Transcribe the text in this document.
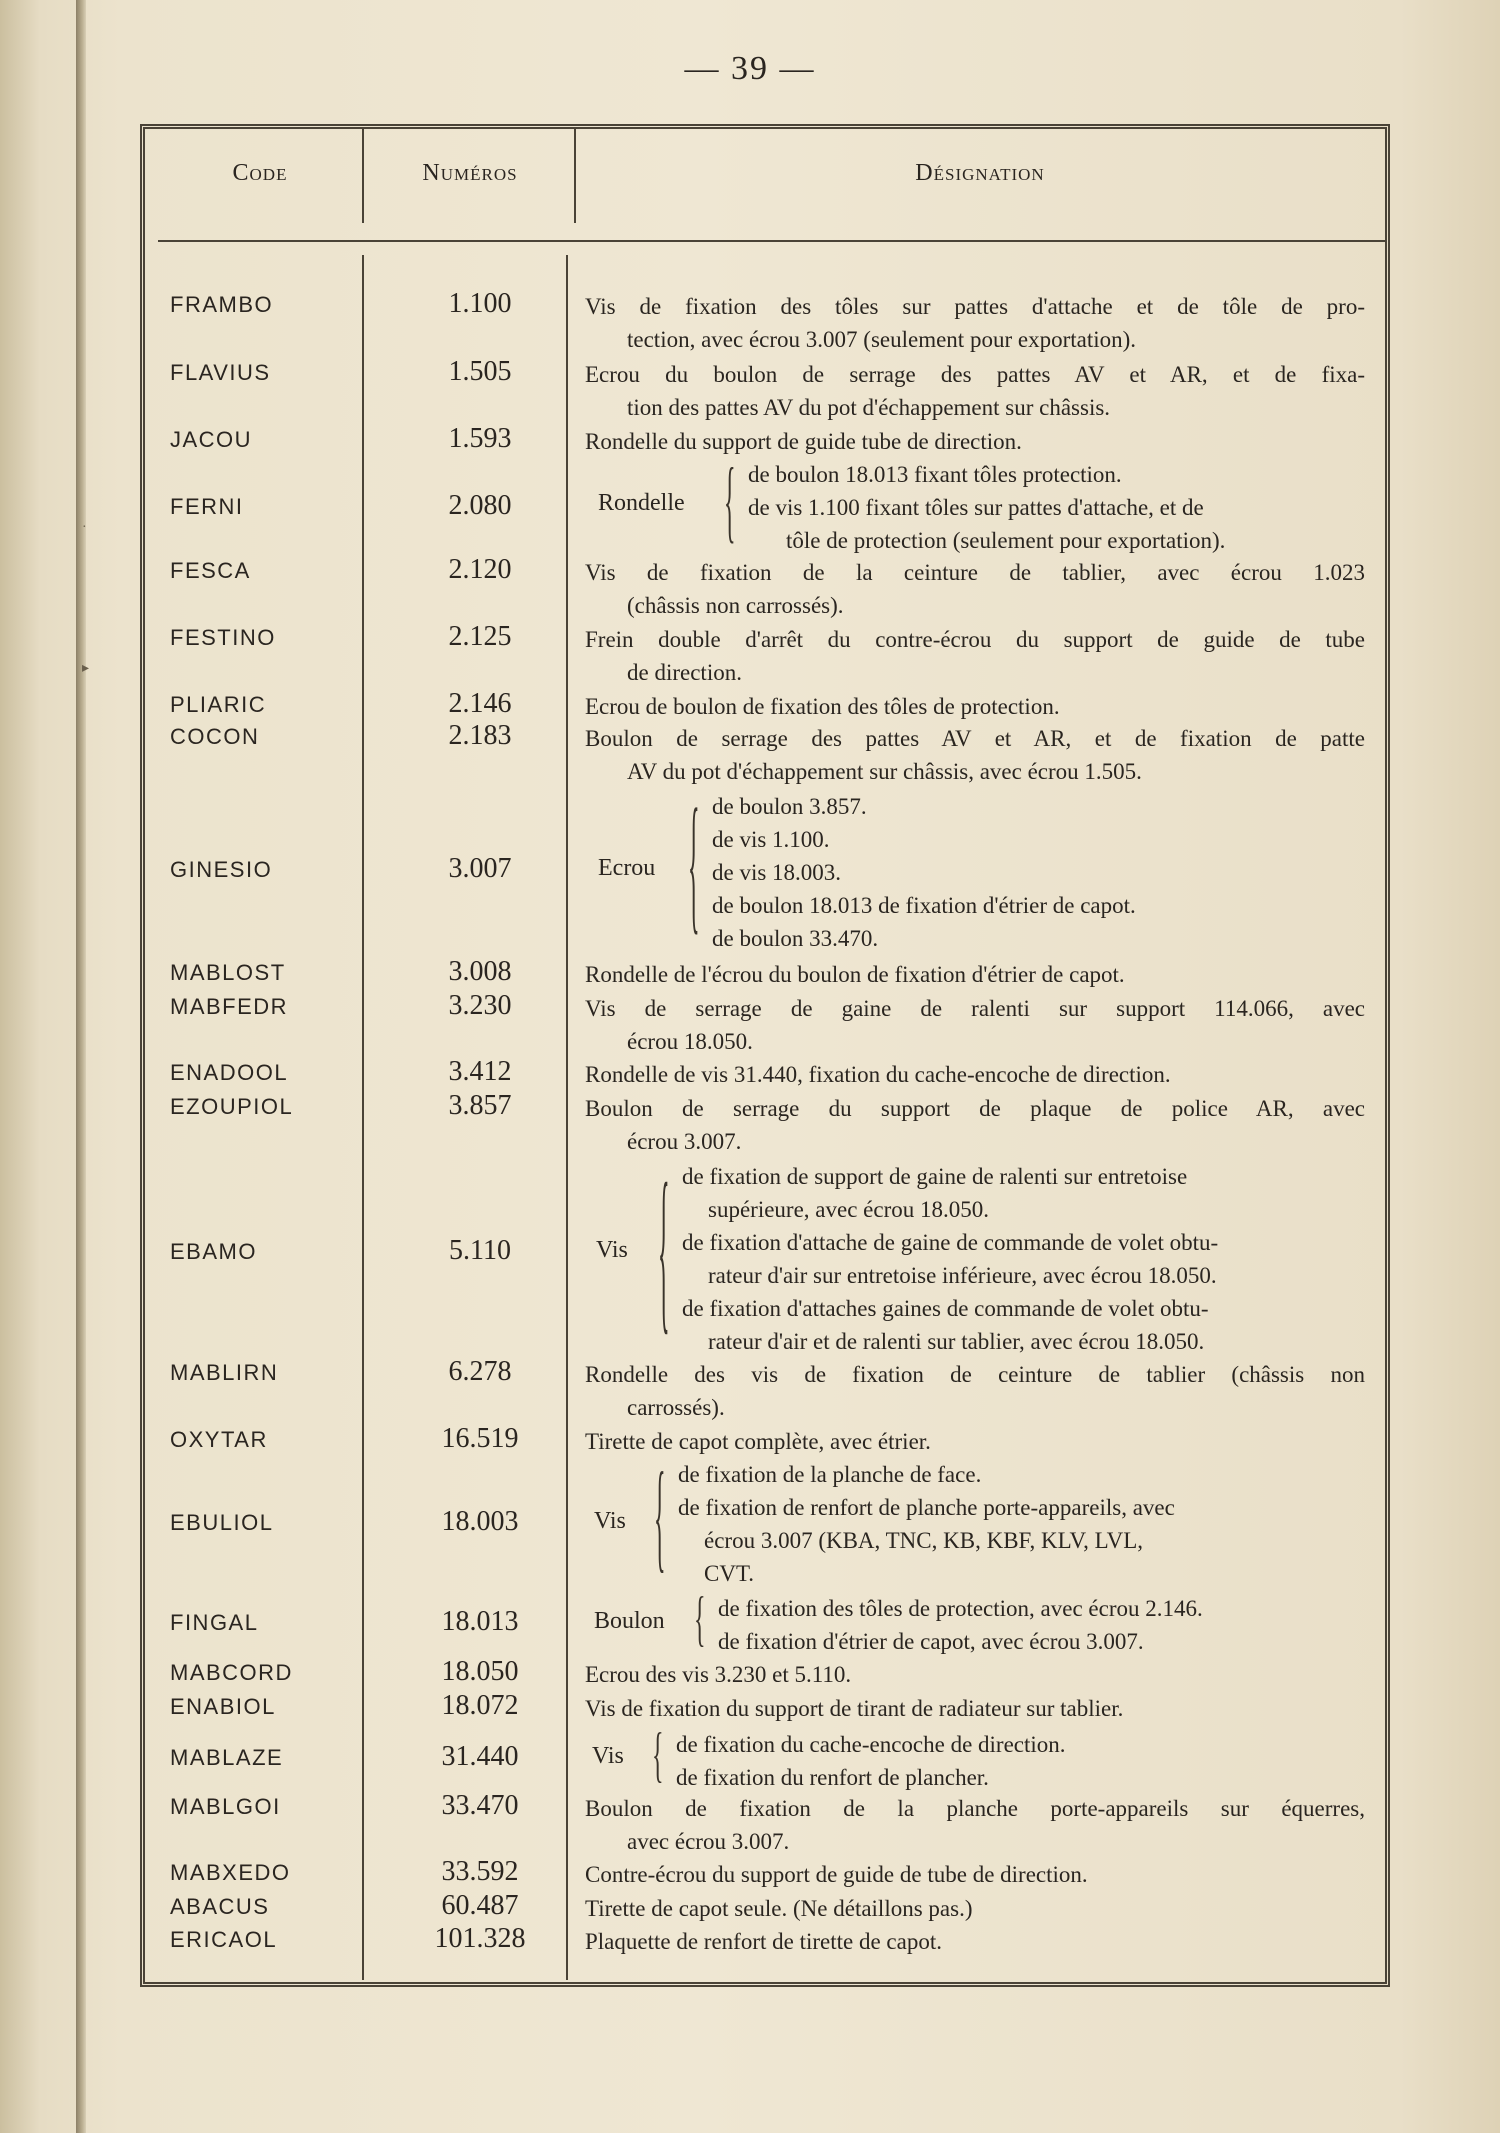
·
▸
— 39 —
Code	Numéros	Désignation
FRAMBO	1.100	Vis de fixation des tôles sur pattes d'attache et de tôle de pro-
tection, avec écrou 3.007 (seulement pour exportation).
FLAVIUS	1.505	Ecrou du boulon de serrage des pattes AV et AR, et de fixa-
tion des pattes AV du pot d'échappement sur châssis.
JACOU	1.593	Rondelle du support de guide tube de direction.
FERNI	2.080	Rondelle { de boulon 18.013 fixant tôles protection.
de vis 1.100 fixant tôles sur pattes d'attache, et de
tôle de protection (seulement pour exportation).
FESCA	2.120	Vis de fixation de la ceinture de tablier, avec écrou 1.023
(châssis non carrossés).
FESTINO	2.125	Frein double d'arrêt du contre-écrou du support de guide de tube
de direction.
PLIARIC	2.146	Ecrou de boulon de fixation des tôles de protection.
COCON	2.183	Boulon de serrage des pattes AV et AR, et de fixation de patte
AV du pot d'échappement sur châssis, avec écrou 1.505.
GINESIO	3.007	Ecrou { de boulon 3.857.
de vis 1.100.
de vis 18.003.
de boulon 18.013 de fixation d'étrier de capot.
de boulon 33.470.
MABLOST	3.008	Rondelle de l'écrou du boulon de fixation d'étrier de capot.
MABFEDR	3.230	Vis de serrage de gaine de ralenti sur support 114.066, avec
écrou 18.050.
ENADOOL	3.412	Rondelle de vis 31.440, fixation du cache-encoche de direction.
EZOUPIOL	3.857	Boulon de serrage du support de plaque de police AR, avec
écrou 3.007.
EBAMO	5.110	Vis { de fixation de support de gaine de ralenti sur entretoise
supérieure, avec écrou 18.050.
de fixation d'attache de gaine de commande de volet obtu-
rateur d'air sur entretoise inférieure, avec écrou 18.050.
de fixation d'attaches gaines de commande de volet obtu-
rateur d'air et de ralenti sur tablier, avec écrou 18.050.
MABLIRN	6.278	Rondelle des vis de fixation de ceinture de tablier (châssis non
carrossés).
OXYTAR	16.519	Tirette de capot complète, avec étrier.
EBULIOL	18.003	Vis { de fixation de la planche de face.
de fixation de renfort de planche porte-appareils, avec
écrou 3.007 (KBA, TNC, KB, KBF, KLV, LVL,
CVT.
FINGAL	18.013	Boulon { de fixation des tôles de protection, avec écrou 2.146.
de fixation d'étrier de capot, avec écrou 3.007.
MABCORD	18.050	Ecrou des vis 3.230 et 5.110.
ENABIOL	18.072	Vis de fixation du support de tirant de radiateur sur tablier.
MABLAZE	31.440	Vis { de fixation du cache-encoche de direction.
de fixation du renfort de plancher.
MABLGOI	33.470	Boulon de fixation de la planche porte-appareils sur équerres,
avec écrou 3.007.
MABXEDO	33.592	Contre-écrou du support de guide de tube de direction.
ABACUS	60.487	Tirette de capot seule. (Ne détaillons pas.)
ERICAOL	101.328	Plaquette de renfort de tirette de capot.
